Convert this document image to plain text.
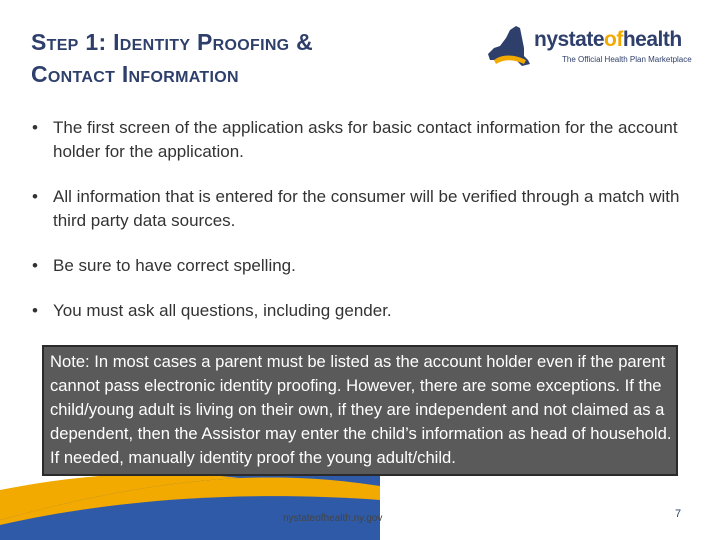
Step 1: Identity Proofing &
Contact Information
nystateofhealth
The Official Health Plan Marketplace
• The first screen of the application asks for basic contact information for the account holder for the application.
• All information that is entered for the consumer will be verified through a match with third party data sources.
• Be sure to have correct spelling.
• You must ask all questions, including gender.
Note: In most cases a parent must be listed as the account holder even if the parent cannot pass electronic identity proofing. However, there are some exceptions. If the child/young adult is living on their own, if they are independent and not claimed as a dependent, then the Assistor may enter the child’s information as head of household. If needed, manually identity proof the young adult/child.
nystateofhealth.ny.gov	7
